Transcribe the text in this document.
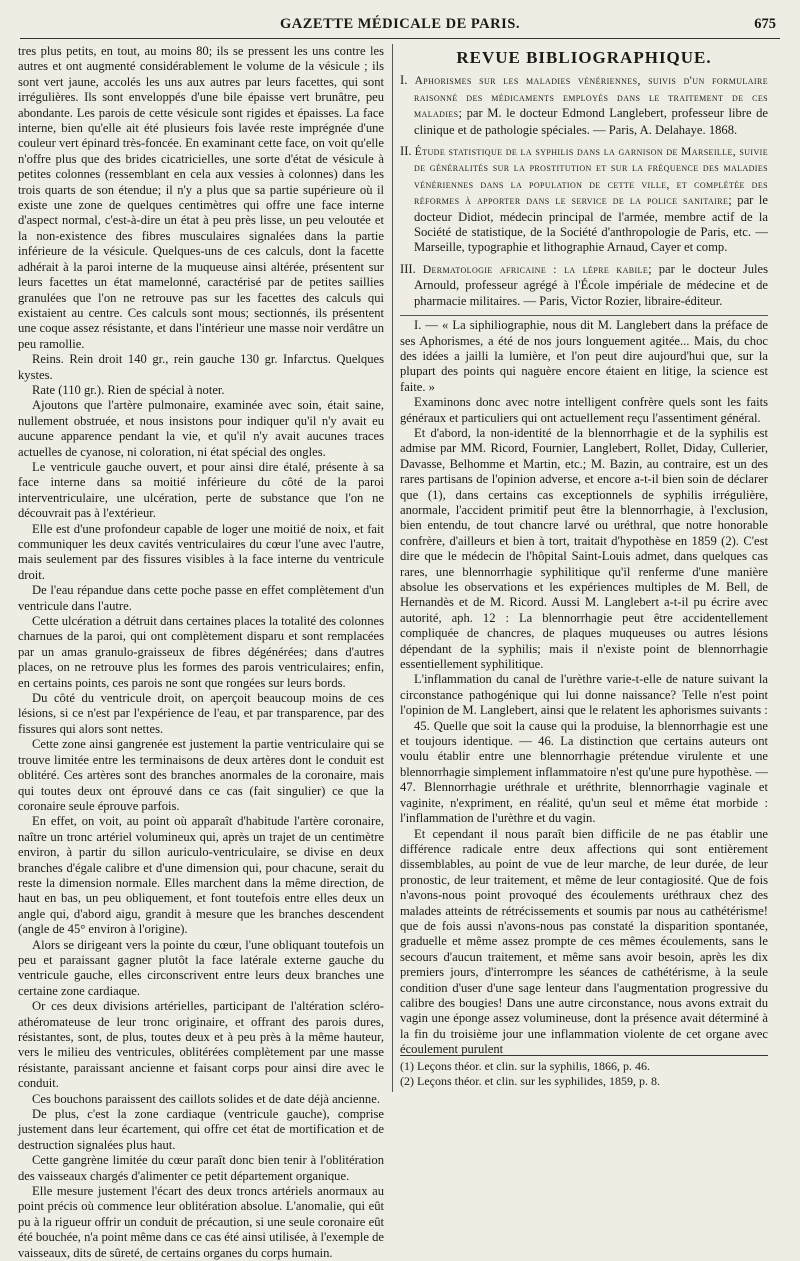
GAZETTE MÉDICALE DE PARIS.	675

tres plus petits, en tout, au moins 80; ils se pressent les uns contre les autres et ont augmenté considérablement le volume de la vésicule ; ils sont vert jaune, accolés les uns aux autres par leurs facettes, qui sont irrégulières. Ils sont enveloppés d'une bile épaisse vert brunâtre, peu abondante. Les parois de cette vésicule sont rigides et épaisses. La face interne, bien qu'elle ait été plusieurs fois lavée reste imprégnée d'une couleur vert épinard très-foncée. En examinant cette face, on voit qu'elle n'offre plus que des brides cicatricielles, une sorte d'état de vésicule à petites colonnes (ressemblant en cela aux vessies à colonnes) dans les trois quarts de son étendue; il n'y a plus que sa partie supérieure où il existe une zone de quelques centimètres qui offre une face interne d'aspect normal, c'est-à-dire un état à peu près lisse, un peu veloutée et la non-existence des fibres musculaires signalées dans la partie inférieure de la vésicule. Quelques-uns de ces calculs, dont la facette adhérait à la paroi interne de la muqueuse ainsi altérée, présentent sur leurs facettes un état mamelonné, caractérisé par de petites saillies granulées que l'on ne retrouve pas sur les facettes des calculs qui existaient au centre. Ces calculs sont mous; sectionnés, ils présentent une coque assez résistante, et dans l'intérieur une masse noir verdâtre un peu ramollie.

Reins. Rein droit 140 gr., rein gauche 130 gr. Infarctus. Quelques kystes.

Rate (110 gr.). Rien de spécial à noter.

Ajoutons que l'artère pulmonaire, examinée avec soin, était saine, nullement obstruée, et nous insistons pour indiquer qu'il n'y avait eu aucune apparence pendant la vie, et qu'il n'y avait aucunes traces actuelles de cyanose, ni coloration, ni état spécial des ongles.

Le ventricule gauche ouvert, et pour ainsi dire étalé, présente à sa face interne dans sa moitié inférieure du côté de la paroi interventriculaire, une ulcération, perte de substance que l'on ne découvrait pas à l'extérieur.

Elle est d'une profondeur capable de loger une moitié de noix, et fait communiquer les deux cavités ventriculaires du cœur l'une avec l'autre, mais seulement par des fissures visibles à la face interne du ventricule droit.

De l'eau répandue dans cette poche passe en effet complètement d'un ventricule dans l'autre.

Cette ulcération a détruit dans certaines places la totalité des colonnes charnues de la paroi, qui ont complètement disparu et sont remplacées par un amas granulo-graisseux de fibres dégénérées; dans d'autres places, on ne retrouve plus les formes des parois ventriculaires; enfin, en certains points, ces parois ne sont que rongées sur leurs bords.

Du côté du ventricule droit, on aperçoit beaucoup moins de ces lésions, si ce n'est par l'expérience de l'eau, et par transparence, par des fissures qui alors sont nettes.

Cette zone ainsi gangrenée est justement la partie ventriculaire qui se trouve limitée entre les terminaisons de deux artères dont le conduit est oblitéré. Ces artères sont des branches anormales de la coronaire, mais qui toutes deux ont éprouvé dans ce cas (fait singulier) ce que la coronaire seule éprouve parfois.

En effet, on voit, au point où apparaît d'habitude l'artère coronaire, naître un tronc artériel volumineux qui, après un trajet de un centimètre environ, à partir du sillon auriculo-ventriculaire, se divise en deux branches d'égale calibre et d'une dimension qui, pour chacune, serait du reste la dimension normale. Elles marchent dans la même direction, de haut en bas, un peu obliquement, et font toutefois entre elles deux un angle qui, d'abord aigu, grandit à mesure que les branches descendent (angle de 45° environ à l'origine).

Alors se dirigeant vers la pointe du cœur, l'une obliquant toutefois un peu et paraissant gagner plutôt la face latérale externe gauche du ventricule gauche, elles circonscrivent entre leurs deux branches une certaine zone cardiaque.

Or ces deux divisions artérielles, participant de l'altération scléro-athéromateuse de leur tronc originaire, et offrant des parois dures, résistantes, sont, de plus, toutes deux et à peu près à la même hauteur, vers le milieu des ventricules, oblitérées complètement par une masse résistante, paraissant ancienne et faisant corps pour ainsi dire avec le conduit.

Ces bouchons paraissent des caillots solides et de date déjà ancienne.

De plus, c'est la zone cardiaque (ventricule gauche), comprise justement dans leur écartement, qui offre cet état de mortification et de destruction signalées plus haut.

Cette gangrène limitée du cœur paraît donc bien tenir à l'oblitération des vaisseaux chargés d'alimenter ce petit département organique.

Elle mesure justement l'écart des deux troncs artériels anormaux au point précis où commence leur oblitération absolue. L'anomalie, qui eût pu à la rigueur offrir un conduit de précaution, si une seule coronaire eût été bouchée, n'a point même dans ce cas été ainsi utilisée, à l'exemple de vaisseaux, dits de sûreté, de certains organes du corps humain.

REVUE BIBLIOGRAPHIQUE.

I. Aphorismes sur les maladies vénériennes, suivis d'un formulaire raisonné des médicaments employés dans le traitement de ces maladies; par M. le docteur Edmond Langlebert, professeur libre de clinique et de pathologie spéciales. — Paris, A. Delahaye. 1868.

II. Étude statistique de la syphilis dans la garnison de Marseille, suivie de généralités sur la prostitution et sur la fréquence des maladies vénériennes dans la population de cette ville, et complétée des réformes à apporter dans le service de la police sanitaire; par le docteur Didiot, médecin principal de l'armée, membre actif de la Société de statistique, de la Société d'anthropologie de Paris, etc. — Marseille, typographie et lithographie Arnaud, Cayer et comp.

III. Dermatologie africaine : la lèpre kabile; par le docteur Jules Arnould, professeur agrégé à l'École impériale de médecine et de pharmacie militaires. — Paris, Victor Rozier, libraire-éditeur.

I. — « La siphiliographie, nous dit M. Langlebert dans la préface de ses Aphorismes, a été de nos jours longuement agitée... Mais, du choc des idées a jailli la lumière, et l'on peut dire aujourd'hui que, sur la plupart des points qui naguère encore étaient en litige, la science est faite. »

Examinons donc avec notre intelligent confrère quels sont les faits généraux et particuliers qui ont actuellement reçu l'assentiment général.

Et d'abord, la non-identité de la blennorrhagie et de la syphilis est admise par MM. Ricord, Fournier, Langlebert, Rollet, Diday, Cullerier, Davasse, Belhomme et Martin, etc.; M. Bazin, au contraire, est un des rares partisans de l'opinion adverse, et encore a-t-il bien soin de déclarer que (1), dans certains cas exceptionnels de syphilis irrégulière, anormale, l'accident primitif peut être la blennorrhagie, à l'exclusion, bien entendu, de tout chancre larvé ou uréthral, que notre honorable confrère, d'ailleurs et bien à tort, traitait d'hypothèse en 1859 (2). C'est dire que le médecin de l'hôpital Saint-Louis admet, dans quelques cas rares, une blennorrhagie syphilitique qu'il renferme d'une manière absolue les observations et les expériences multiples de M. Bell, de Hernandès et de M. Ricord. Aussi M. Langlebert a-t-il pu écrire avec autorité, aph. 12 : La blennorrhagie peut être accidentellement compliquée de chancres, de plaques muqueuses ou autres lésions dépendant de la syphilis; mais il n'existe point de blennorrhagie essentiellement syphilitique.

L'inflammation du canal de l'urèthre varie-t-elle de nature suivant la circonstance pathogénique qui lui donne naissance? Telle n'est point l'opinion de M. Langlebert, ainsi que le relatent les aphorismes suivants :

45. Quelle que soit la cause qui la produise, la blennorrhagie est une et toujours identique. — 46. La distinction que certains auteurs ont voulu établir entre une blennorrhagie prétendue virulente et une blennorrhagie simplement inflammatoire n'est qu'une pure hypothèse. — 47. Blennorrhagie uréthrale et uréthrite, blennorrhagie vaginale et vaginite, n'expriment, en réalité, qu'un seul et même état morbide : l'inflammation de l'urèthre et du vagin.

Et cependant il nous paraît bien difficile de ne pas établir une différence radicale entre deux affections qui sont entièrement dissemblables, au point de vue de leur marche, de leur durée, de leur pronostic, de leur traitement, et même de leur contagiosité. Que de fois n'avons-nous point provoqué des écoulements uréthraux chez des malades atteints de rétrécissements et soumis par nous au cathétérisme! que de fois aussi n'avons-nous pas constaté la disparition spontanée, graduelle et même assez prompte de ces mêmes écoulements, sans le secours d'aucun traitement, et même sans avoir besoin, après les dix premiers jours, d'interrompre les séances de cathétérisme, à la seule condition d'user d'une sage lenteur dans l'augmentation progressive du calibre des bougies! Dans une autre circonstance, nous avons extrait du vagin une éponge assez volumineuse, dont la présence avait déterminé à la fin du troisième jour une inflammation violente de cet organe avec écoulement purulent

(1) Leçons théor. et clin. sur la syphilis, 1866, p. 46.
(2) Leçons théor. et clin. sur les syphilides, 1859, p. 8.
